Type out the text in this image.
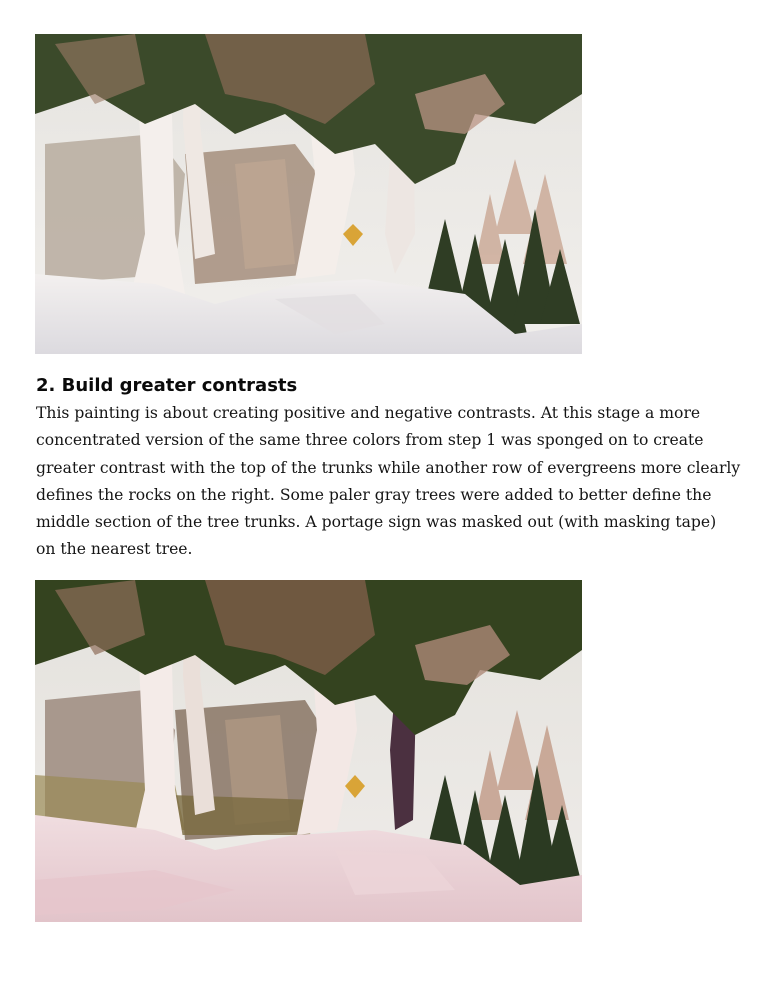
2. Build greater contrasts

This painting is about creating positive and negative contrasts. At this stage a more
concentrated version of the same three colors from step 1 was sponged on to create
greater contrast with the top of the trunks while another row of evergreens more clearly
defines the rocks on the right. Some paler gray trees were added to better define the
middle section of the tree trunks. A portage sign was masked out (with masking tape)
on the nearest tree.
